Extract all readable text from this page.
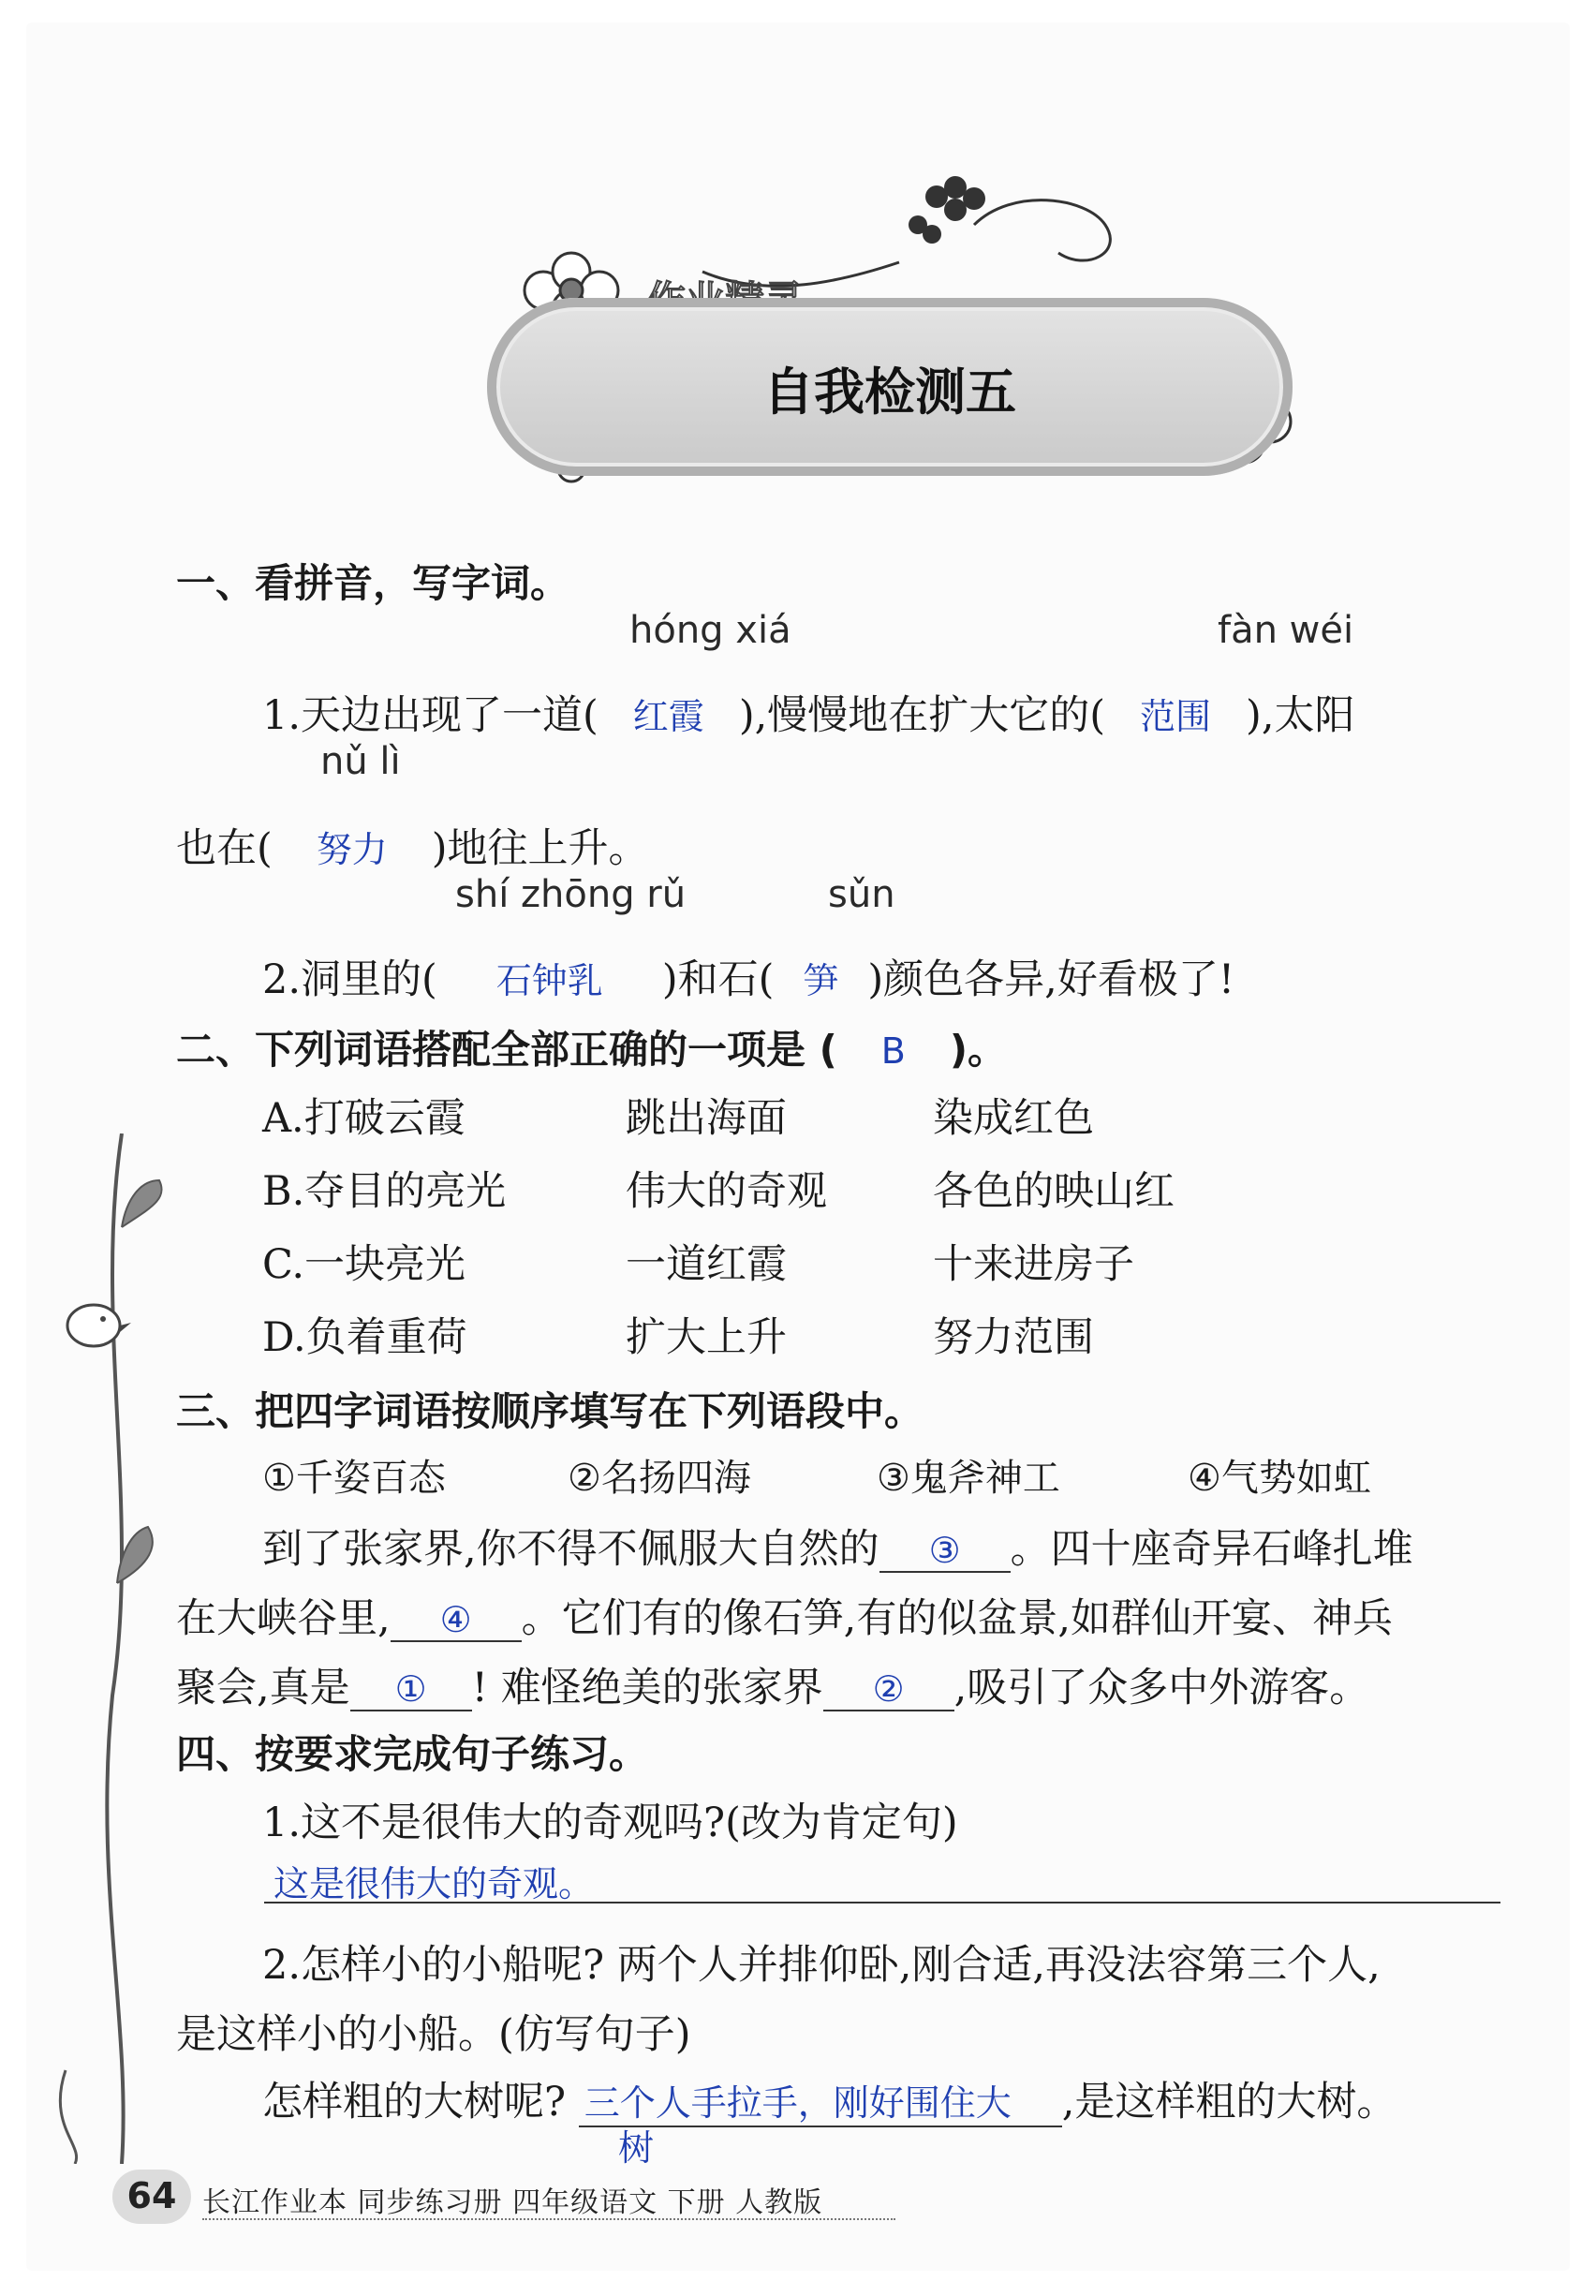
自我检测五
一、看拼音，写字词。
hóng xiá	fàn wéi
1.天边出现了一道( 红霞 ),慢慢地在扩大它的( 范围 ),太阳
nǔ lì
也在( 努力 )地往上升。
shí zhōng rǔ	sǔn
2.洞里的( 石钟乳 )和石( 笋 )颜色各异,好看极了!
二、下列词语搭配全部正确的一项是 ( B )。
A.打破云霞	跳出海面	染成红色
B.夺目的亮光	伟大的奇观	各色的映山红
C.一块亮光	一道红霞	十来进房子
D.负着重荷	扩大上升	努力范围
三、把四字词语按顺序填写在下列语段中。
①千姿百态	②名扬四海	③鬼斧神工	④气势如虹
到了张家界,你不得不佩服大自然的 ③ 。四十座奇异石峰扎堆
在大峡谷里, ④ 。它们有的像石笋,有的似盆景,如群仙开宴、神兵
聚会,真是 ① ! 难怪绝美的张家界 ② ,吸引了众多中外游客。
四、按要求完成句子练习。
1.这不是很伟大的奇观吗?(改为肯定句)
这是很伟大的奇观。
2.怎样小的小船呢? 两个人并排仰卧,刚合适,再没法容第三个人,
是这样小的小船。(仿写句子)
怎样粗的大树呢? 三个人手拉手，刚好围住大 ,是这样粗的大树。
树
64 长江作业本 同步练习册 四年级语文 下册 人教版
